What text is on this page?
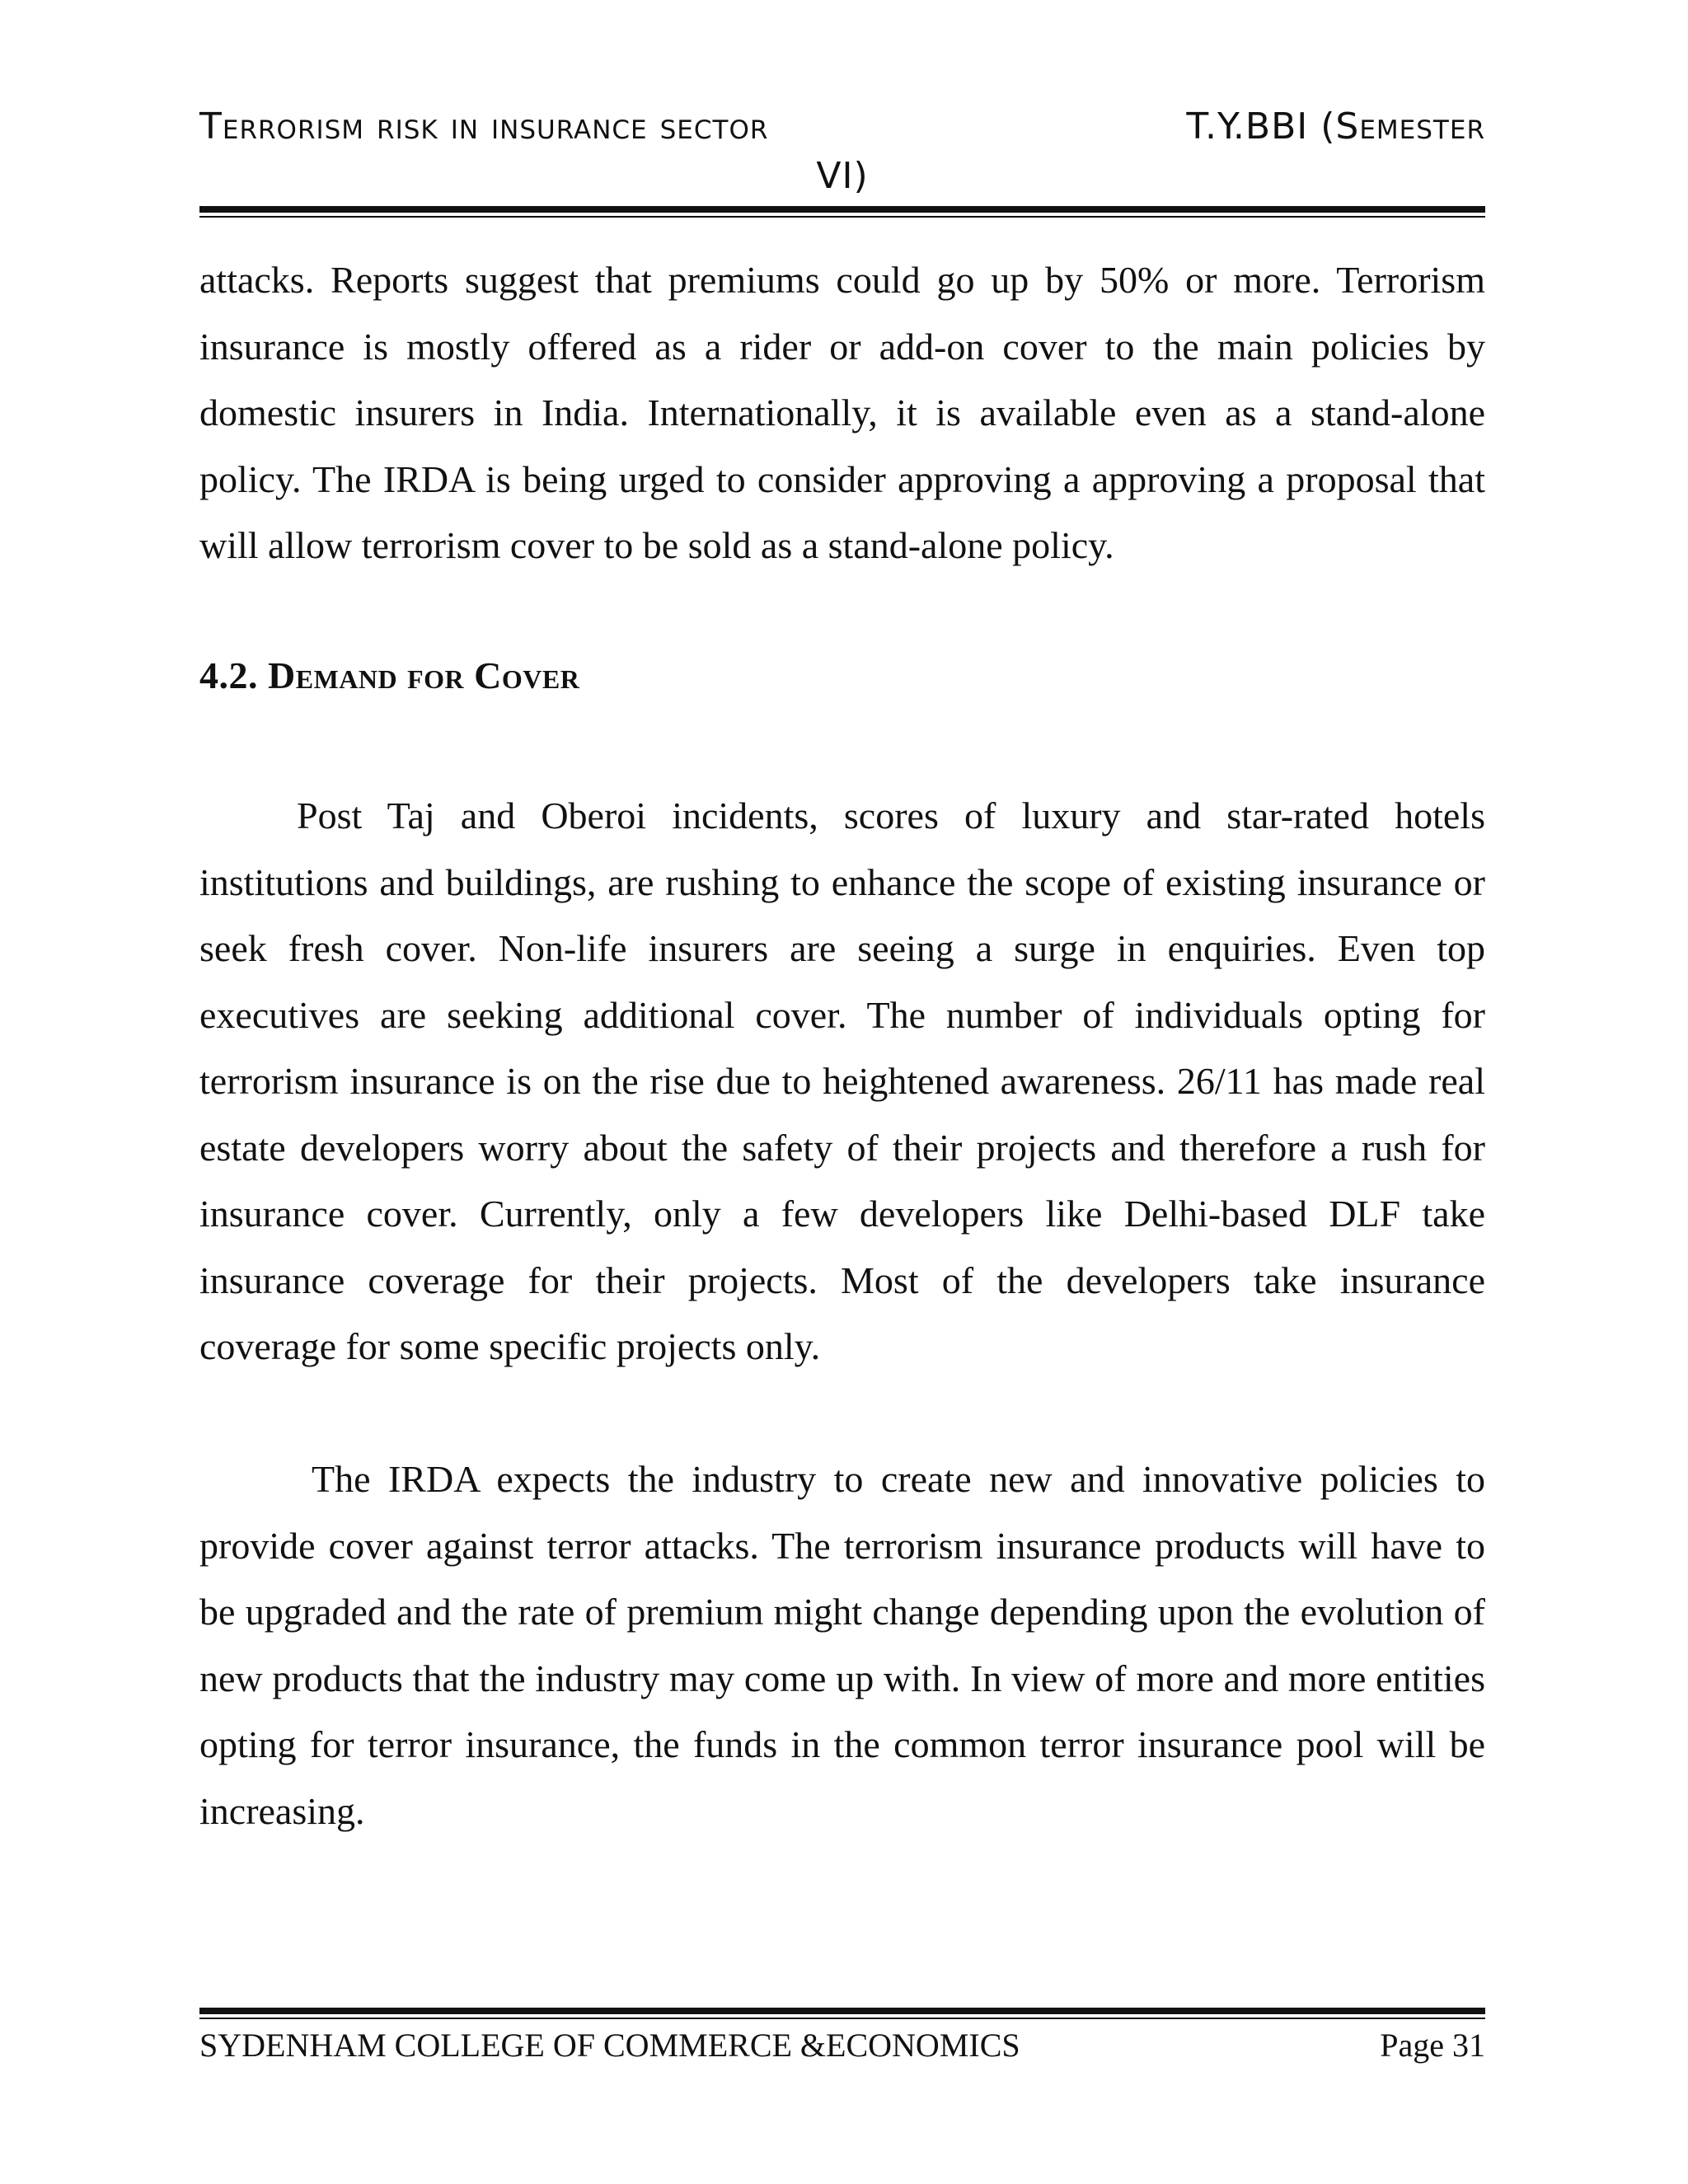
Terrorism risk in insurance sector	T.Y.BBI (Semester
VI)

attacks. Reports suggest that premiums could go up by 50% or more. Terrorism insurance is mostly offered as a rider or add-on cover to the main policies by domestic insurers in India. Internationally, it is available even as a stand-alone policy. The IRDA is being urged to consider approving a approving a proposal that will allow terrorism cover to be sold as a stand-alone policy.

4.2. Demand for Cover

Post Taj and Oberoi incidents, scores of luxury and star-rated hotels institutions and buildings, are rushing to enhance the scope of existing insurance or seek fresh cover. Non-life insurers are seeing a surge in enquiries. Even top executives are seeking additional cover. The number of individuals opting for terrorism insurance is on the rise due to heightened awareness. 26/11 has made real estate developers worry about the safety of their projects and therefore a rush for insurance cover. Currently, only a few developers like Delhi-based DLF take insurance coverage for their projects. Most of the developers take insurance coverage for some specific projects only.

The IRDA expects the industry to create new and innovative policies to provide cover against terror attacks. The terrorism insurance products will have to be upgraded and the rate of premium might change depending upon the evolution of new products that the industry may come up with. In view of more and more entities opting for terror insurance, the funds in the common terror insurance pool will be increasing.

SYDENHAM COLLEGE OF COMMERCE &ECONOMICS	Page 31
